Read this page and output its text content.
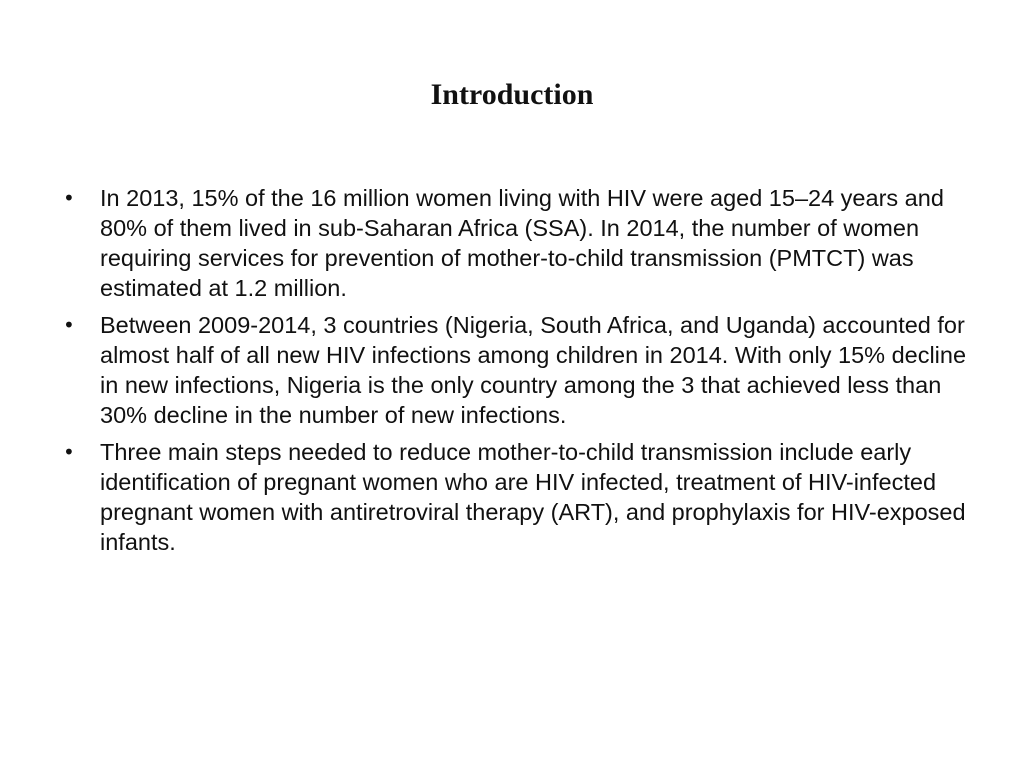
Introduction
• In 2013, 15% of the 16 million women living with HIV were aged 15–24 years and 80% of them lived in sub-Saharan Africa (SSA). In 2014, the number of women requiring services for prevention of mother-to-child transmission (PMTCT) was estimated at 1.2 million.
• Between 2009-2014, 3 countries (Nigeria, South Africa, and Uganda) accounted for almost half of all new HIV infections among children in 2014. With only 15% decline in new infections, Nigeria is the only country among the 3 that achieved less than 30% decline in the number of new infections.
• Three main steps needed to reduce mother-to-child transmission include early identification of pregnant women who are HIV infected, treatment of HIV-infected pregnant women with antiretroviral therapy (ART), and prophylaxis for HIV-exposed infants.
